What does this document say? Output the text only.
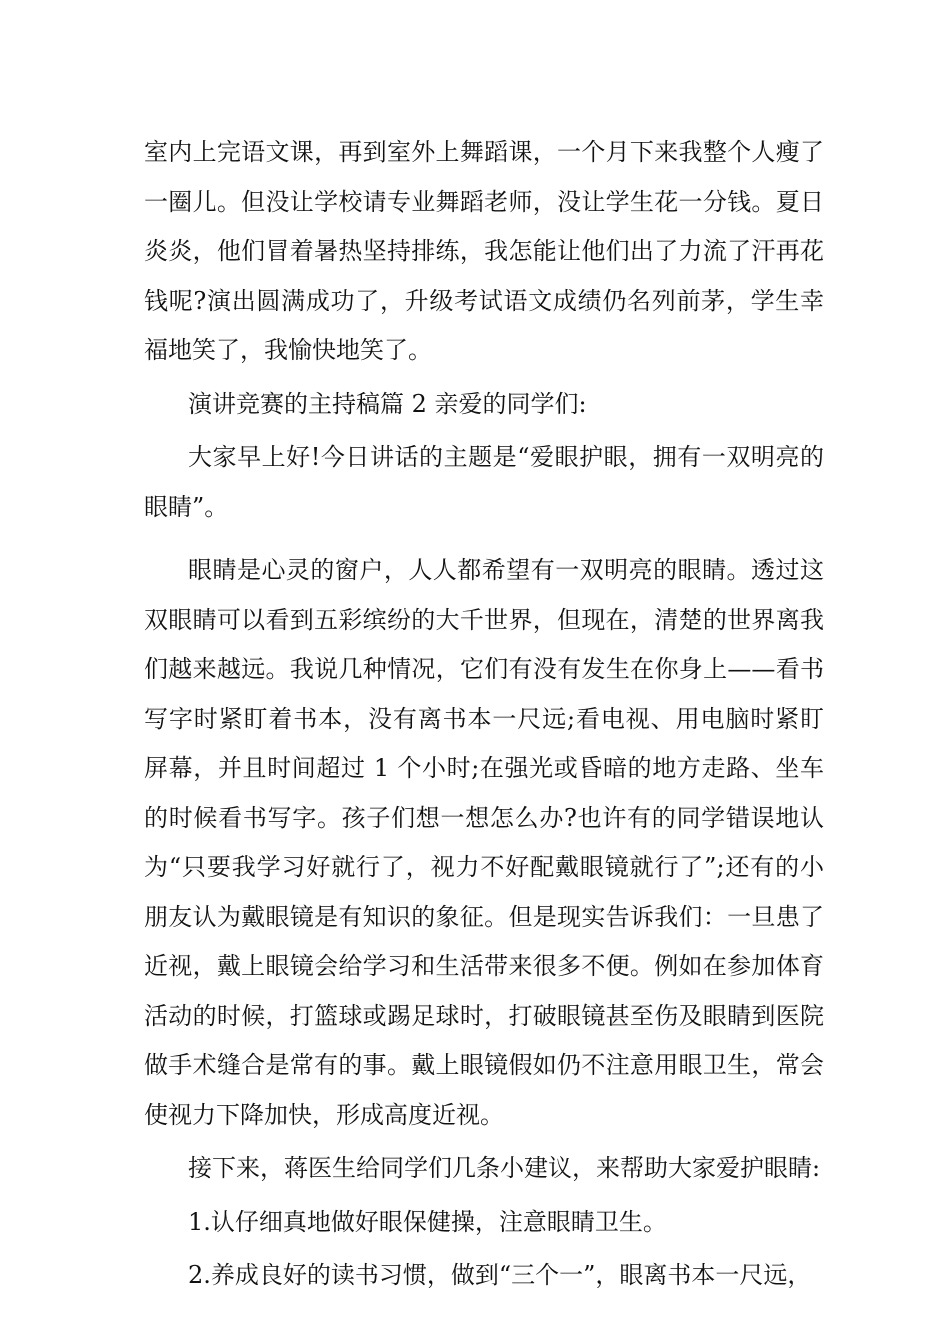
室内上完语文课，再到室外上舞蹈课，一个月下来我整个人瘦了一圈儿。但没让学校请专业舞蹈老师，没让学生花一分钱。夏日炎炎，他们冒着暑热坚持排练，我怎能让他们出了力流了汗再花钱呢?演出圆满成功了，升级考试语文成绩仍名列前茅，学生幸福地笑了，我愉快地笑了。

演讲竞赛的主持稿篇 2 亲爱的同学们:

大家早上好!今日讲话的主题是“爱眼护眼，拥有一双明亮的眼睛”。

眼睛是心灵的窗户，人人都希望有一双明亮的眼睛。透过这双眼睛可以看到五彩缤纷的大千世界，但现在，清楚的世界离我们越来越远。我说几种情况，它们有没有发生在你身上——看书写字时紧盯着书本，没有离书本一尺远;看电视、用电脑时紧盯屏幕，并且时间超过 1 个小时;在强光或昏暗的地方走路、坐车的时候看书写字。孩子们想一想怎么办?也许有的同学错误地认为“只要我学习好就行了，视力不好配戴眼镜就行了”;还有的小朋友认为戴眼镜是有知识的象征。但是现实告诉我们：一旦患了近视，戴上眼镜会给学习和生活带来很多不便。例如在参加体育活动的时候，打篮球或踢足球时，打破眼镜甚至伤及眼睛到医院做手术缝合是常有的事。戴上眼镜假如仍不注意用眼卫生，常会使视力下降加快，形成高度近视。

接下来，蒋医生给同学们几条小建议，来帮助大家爱护眼睛:

1.认仔细真地做好眼保健操，注意眼睛卫生。

2.养成良好的读书习惯，做到“三个一”，眼离书本一尺远，
